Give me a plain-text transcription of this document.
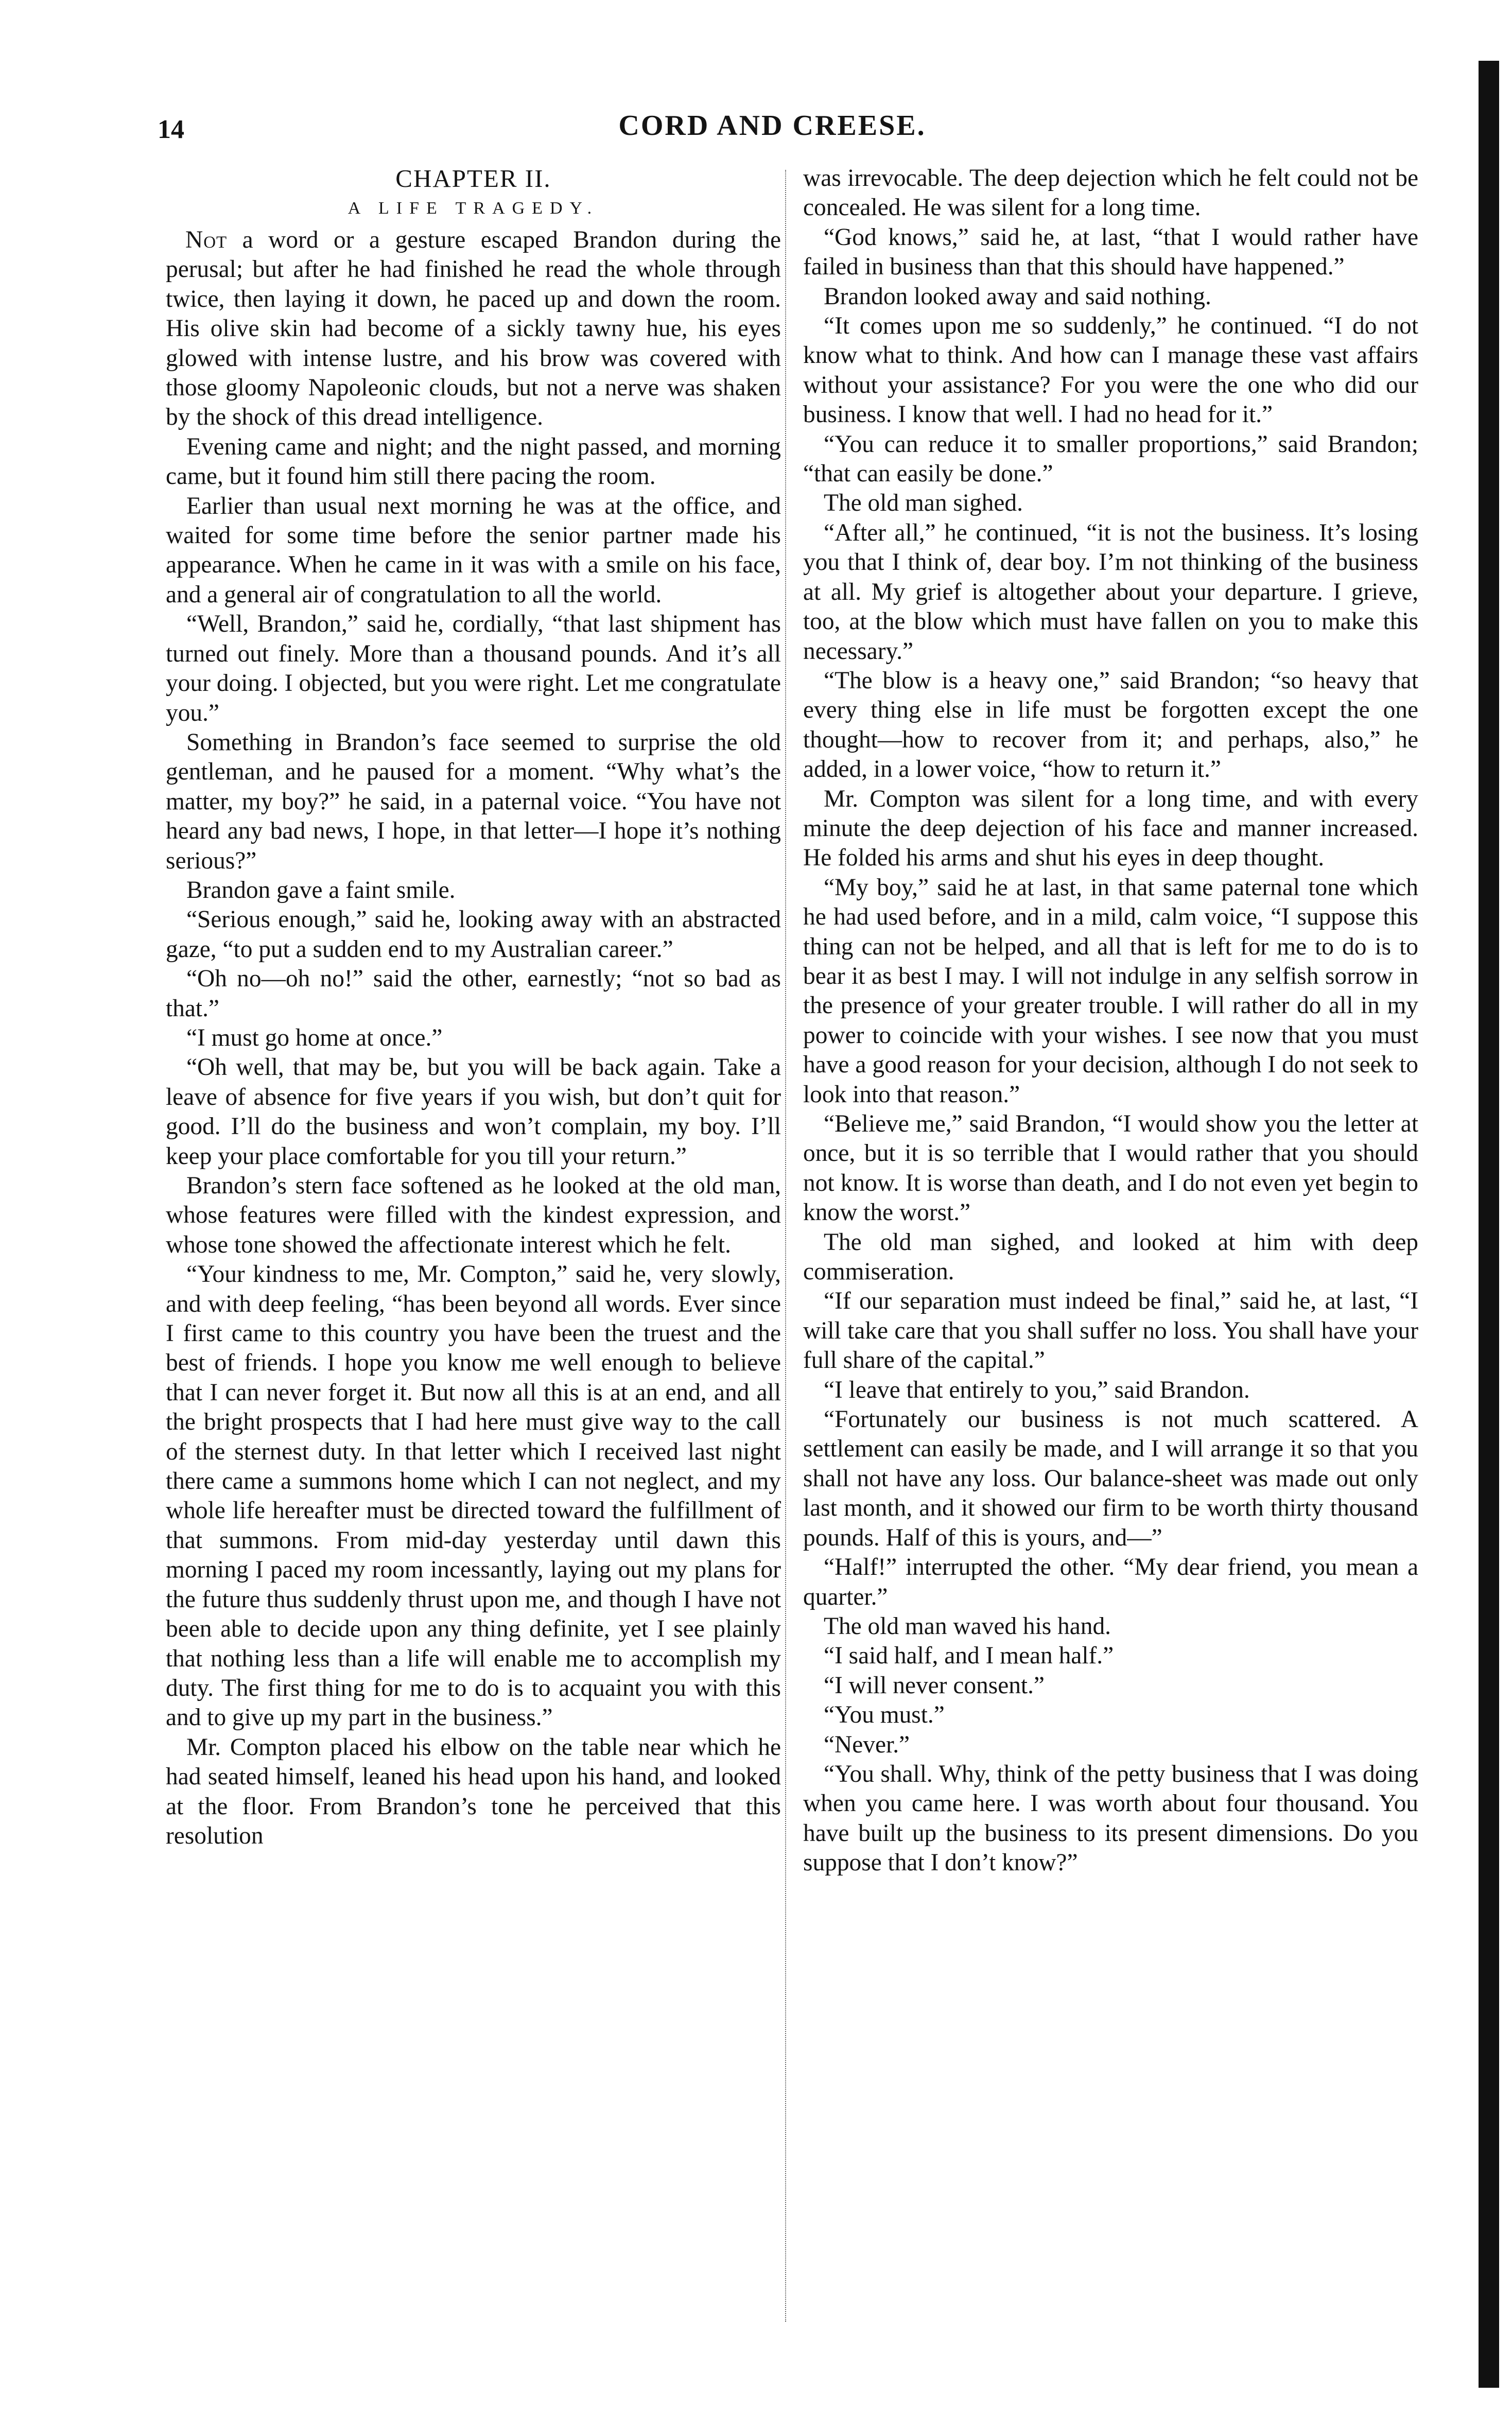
14	CORD AND CREESE.
CHAPTER II.
A LIFE TRAGEDY.

Not a word or a gesture escaped Brandon during the perusal; but after he had finished he read the whole through twice, then laying it down, he paced up and down the room. His olive skin had become of a sickly tawny hue, his eyes glowed with intense lustre, and his brow was covered with those gloomy Napoleonic clouds, but not a nerve was shaken by the shock of this dread intelligence.

Evening came and night; and the night passed, and morning came, but it found him still there pacing the room.

Earlier than usual next morning he was at the office, and waited for some time before the senior partner made his appearance. When he came in it was with a smile on his face, and a general air of congratulation to all the world.

“Well, Brandon,” said he, cordially, “that last shipment has turned out finely. More than a thousand pounds. And it’s all your doing. I objected, but you were right. Let me congratulate you.”

Something in Brandon’s face seemed to surprise the old gentleman, and he paused for a moment. “Why what’s the matter, my boy?” he said, in a paternal voice. “You have not heard any bad news, I hope, in that letter—I hope it’s nothing serious?”

Brandon gave a faint smile.

“Serious enough,” said he, looking away with an abstracted gaze, “to put a sudden end to my Australian career.”

“Oh no—oh no!” said the other, earnestly; “not so bad as that.”

“I must go home at once.”

“Oh well, that may be, but you will be back again. Take a leave of absence for five years if you wish, but don’t quit for good. I’ll do the business and won’t complain, my boy. I’ll keep your place comfortable for you till your return.”

Brandon’s stern face softened as he looked at the old man, whose features were filled with the kindest expression, and whose tone showed the affectionate interest which he felt.

“Your kindness to me, Mr. Compton,” said he, very slowly, and with deep feeling, “has been beyond all words. Ever since I first came to this country you have been the truest and the best of friends. I hope you know me well enough to believe that I can never forget it. But now all this is at an end, and all the bright prospects that I had here must give way to the call of the sternest duty. In that letter which I received last night there came a summons home which I can not neglect, and my whole life hereafter must be directed toward the fulfillment of that summons. From mid-day yesterday until dawn this morning I paced my room incessantly, laying out my plans for the future thus suddenly thrust upon me, and though I have not been able to decide upon any thing definite, yet I see plainly that nothing less than a life will enable me to accomplish my duty. The first thing for me to do is to acquaint you with this and to give up my part in the business.”

Mr. Compton placed his elbow on the table near which he had seated himself, leaned his head upon his hand, and looked at the floor. From Brandon’s tone he perceived that this resolution

was irrevocable. The deep dejection which he felt could not be concealed. He was silent for a long time.

“God knows,” said he, at last, “that I would rather have failed in business than that this should have happened.”

Brandon looked away and said nothing.

“It comes upon me so suddenly,” he continued. “I do not know what to think. And how can I manage these vast affairs without your assistance? For you were the one who did our business. I know that well. I had no head for it.”

“You can reduce it to smaller proportions,” said Brandon; “that can easily be done.”

The old man sighed.

“After all,” he continued, “it is not the business. It’s losing you that I think of, dear boy. I’m not thinking of the business at all. My grief is altogether about your departure. I grieve, too, at the blow which must have fallen on you to make this necessary.”

“The blow is a heavy one,” said Brandon; “so heavy that every thing else in life must be forgotten except the one thought—how to recover from it; and perhaps, also,” he added, in a lower voice, “how to return it.”

Mr. Compton was silent for a long time, and with every minute the deep dejection of his face and manner increased. He folded his arms and shut his eyes in deep thought.

“My boy,” said he at last, in that same paternal tone which he had used before, and in a mild, calm voice, “I suppose this thing can not be helped, and all that is left for me to do is to bear it as best I may. I will not indulge in any selfish sorrow in the presence of your greater trouble. I will rather do all in my power to coincide with your wishes. I see now that you must have a good reason for your decision, although I do not seek to look into that reason.”

“Believe me,” said Brandon, “I would show you the letter at once, but it is so terrible that I would rather that you should not know. It is worse than death, and I do not even yet begin to know the worst.”

The old man sighed, and looked at him with deep commiseration.

“If our separation must indeed be final,” said he, at last, “I will take care that you shall suffer no loss. You shall have your full share of the capital.”

“I leave that entirely to you,” said Brandon.

“Fortunately our business is not much scattered. A settlement can easily be made, and I will arrange it so that you shall not have any loss. Our balance-sheet was made out only last month, and it showed our firm to be worth thirty thousand pounds. Half of this is yours, and—”

“Half!” interrupted the other. “My dear friend, you mean a quarter.”

The old man waved his hand.

“I said half, and I mean half.”

“I will never consent.”

“You must.”

“Never.”

“You shall. Why, think of the petty business that I was doing when you came here. I was worth about four thousand. You have built up the business to its present dimensions. Do you suppose that I don’t know?”
